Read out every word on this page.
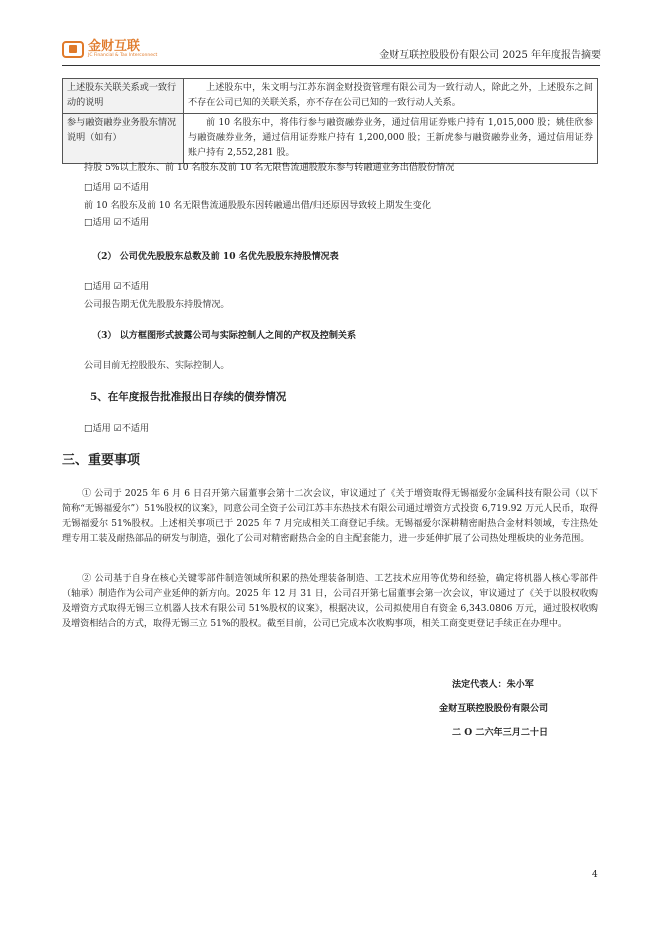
金财互联
JC Financial & Tax Interconnect	金财互联控股股份有限公司 2025 年年度报告摘要
上述股东关联关系或一致行动的说明	上述股东中，朱文明与江苏东润金财投资管理有限公司为一致行动人，除此之外，上述股东之间不存在公司已知的关联关系，亦不存在公司已知的一致行动人关系。
参与融资融券业务股东情况说明（如有）	前 10 名股东中，将伟行参与融资融券业务，通过信用证券账户持有 1,015,000 股；姚佳欣参与融资融券业务，通过信用证券账户持有 1,200,000 股；王新虎参与融资融券业务，通过信用证券账户持有 2,552,281 股。
持股 5%以上股东、前 10 名股东及前 10 名无限售流通股股东参与转融通业务出借股份情况
□适用 ☑不适用
前 10 名股东及前 10 名无限售流通股股东因转融通出借/归还原因导致较上期发生变化
□适用 ☑不适用
（2） 公司优先股股东总数及前 10 名优先股股东持股情况表
□适用 ☑不适用
公司报告期无优先股股东持股情况。
（3） 以方框图形式披露公司与实际控制人之间的产权及控制关系
公司目前无控股股东、实际控制人。
5、在年度报告批准报出日存续的债券情况
□适用 ☑不适用
三、重要事项
① 公司于 2025 年 6 月 6 日召开第六届董事会第十二次会议，审议通过了《关于增资取得无锡福爱尔金属科技有限公司（以下简称“无锡福爱尔”）51%股权的议案》，同意公司全资子公司江苏丰东热技术有限公司通过增资方式投资 6,719.92 万元人民币，取得无锡福爱尔 51%股权。上述相关事项已于 2025 年 7 月完成相关工商登记手续。无锡福爱尔深耕精密耐热合金材料领域，专注热处理专用工装及耐热部品的研发与制造，强化了公司对精密耐热合金的自主配套能力，进一步延伸扩展了公司热处理板块的业务范围。
② 公司基于自身在核心关键零部件制造领域所积累的热处理装备制造、工艺技术应用等优势和经验，确定将机器人核心零部件（轴承）制造作为公司产业延伸的新方向。2025 年 12 月 31 日，公司召开第七届董事会第一次会议，审议通过了《关于以股权收购及增资方式取得无锡三立机器人技术有限公司 51%股权的议案》，根据决议，公司拟使用自有资金 6,343.0806 万元，通过股权收购及增资相结合的方式，取得无锡三立 51%的股权。截至目前，公司已完成本次收购事项，相关工商变更登记手续正在办理中。
法定代表人：朱小军
金财互联控股股份有限公司
二 O 二六年三月二十日
4
